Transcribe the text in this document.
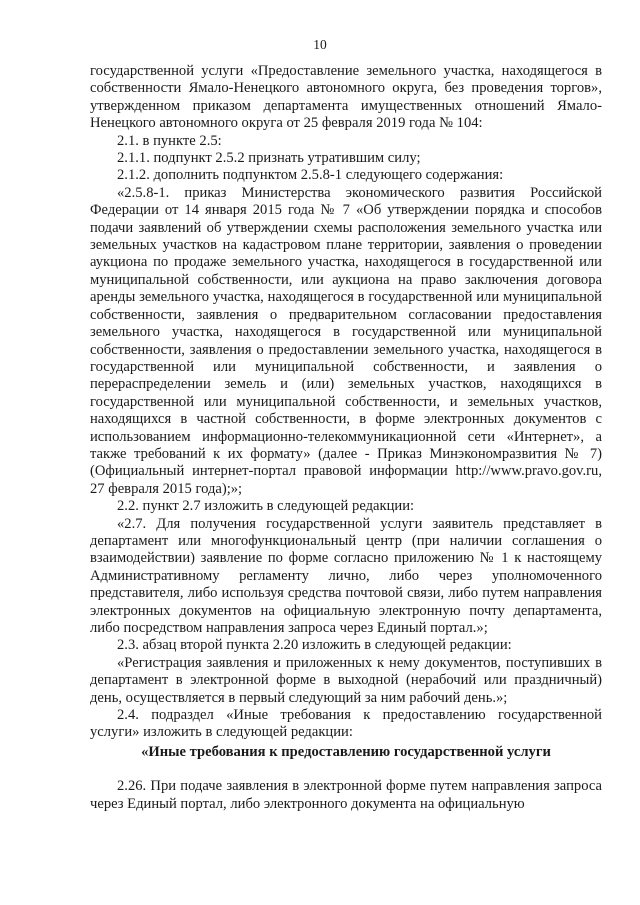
10

государственной услуги «Предоставление земельного участка, находящегося в собственности Ямало-Ненецкого автономного округа, без проведения торгов», утвержденном приказом департамента имущественных отношений Ямало-Ненецкого автономного округа от 25 февраля 2019 года № 104:

2.1. в пункте 2.5:

2.1.1. подпункт 2.5.2 признать утратившим силу;

2.1.2. дополнить подпунктом 2.5.8-1 следующего содержания:

«2.5.8-1. приказ Министерства экономического развития Российской Федерации от 14 января 2015 года № 7 «Об утверждении порядка и способов подачи заявлений об утверждении схемы расположения земельного участка или земельных участков на кадастровом плане территории, заявления о проведении аукциона по продаже земельного участка, находящегося в государственной или муниципальной собственности, или аукциона на право заключения договора аренды земельного участка, находящегося в государственной или муниципальной собственности, заявления о предварительном согласовании предоставления земельного участка, находящегося в государственной или муниципальной собственности, заявления о предоставлении земельного участка, находящегося в государственной или муниципальной собственности, и заявления о перераспределении земель и (или) земельных участков, находящихся в государственной или муниципальной собственности, и земельных участков, находящихся в частной собственности, в форме электронных документов с использованием информационно-телекоммуникационной сети «Интернет», а также требований к их формату» (далее - Приказ Минэкономразвития № 7) (Официальный интернет-портал правовой информации http://www.pravo.gov.ru, 27 февраля 2015 года);»;

2.2. пункт 2.7 изложить в следующей редакции:

«2.7. Для получения государственной услуги заявитель представляет в департамент или многофункциональный центр (при наличии соглашения о взаимодействии) заявление по форме согласно приложению № 1 к настоящему Административному регламенту лично, либо через уполномоченного представителя, либо используя средства почтовой связи, либо путем направления электронных документов на официальную электронную почту департамента, либо посредством направления запроса через Единый портал.»;

2.3. абзац второй пункта 2.20 изложить в следующей редакции:

«Регистрация заявления и приложенных к нему документов, поступивших в департамент в электронной форме в выходной (нерабочий или праздничный) день, осуществляется в первый следующий за ним рабочий день.»;

2.4. подраздел «Иные требования к предоставлению государственной услуги» изложить в следующей редакции:

«Иные требования к предоставлению государственной услуги

2.26. При подаче заявления в электронной форме путем направления запроса через Единый портал, либо электронного документа на официальную
